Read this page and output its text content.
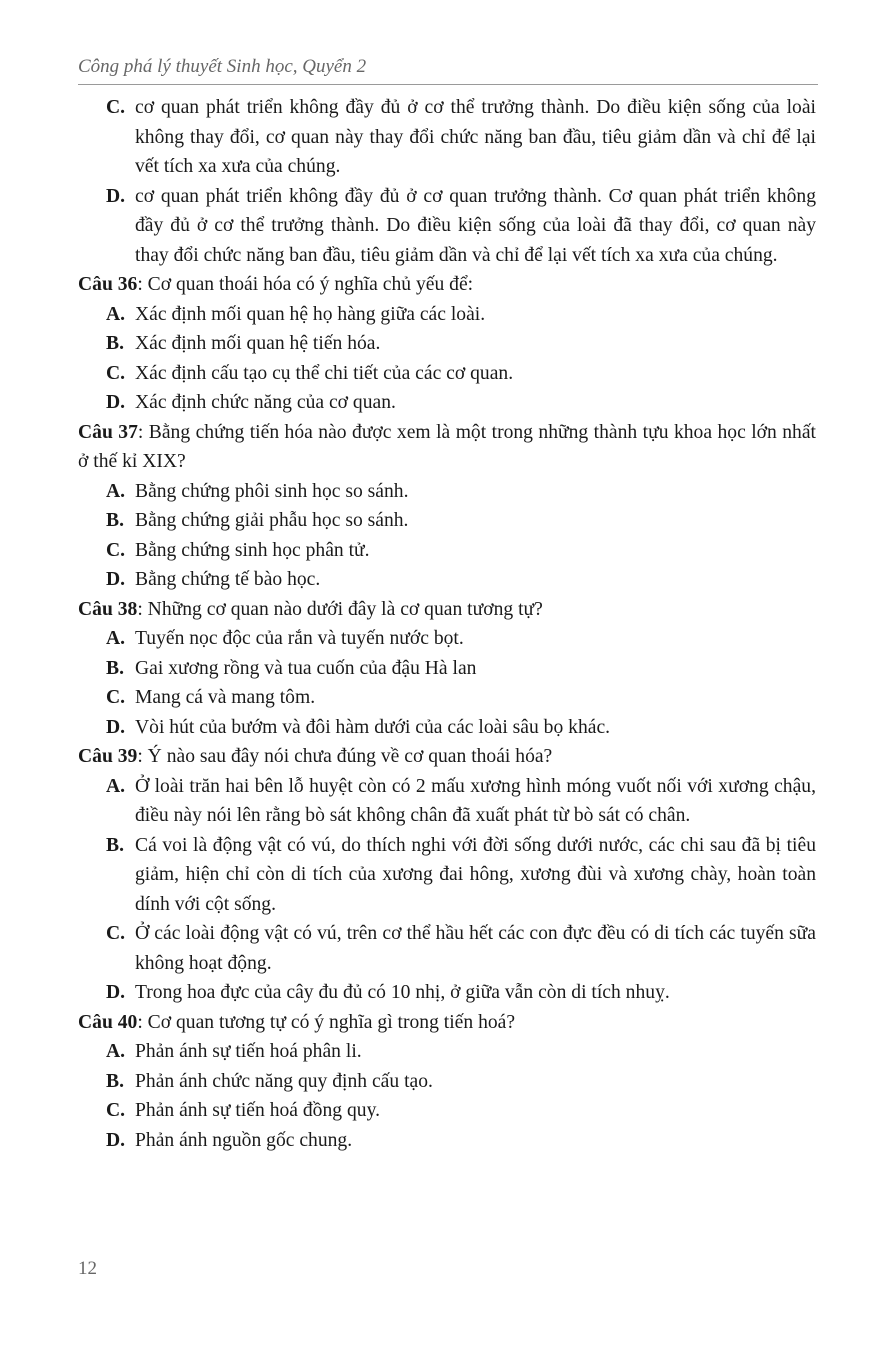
Công phá lý thuyết Sinh học, Quyển 2
C. cơ quan phát triển không đầy đủ ở cơ thể trưởng thành. Do điều kiện sống của loài không thay đổi, cơ quan này thay đổi chức năng ban đầu, tiêu giảm dần và chỉ để lại vết tích xa xưa của chúng.
D. cơ quan phát triển không đầy đủ ở cơ quan trưởng thành. Cơ quan phát triển không đầy đủ ở cơ thể trưởng thành. Do điều kiện sống của loài đã thay đổi, cơ quan này thay đổi chức năng ban đầu, tiêu giảm dần và chỉ để lại vết tích xa xưa của chúng.
Câu 36: Cơ quan thoái hóa có ý nghĩa chủ yếu để:
A. Xác định mối quan hệ họ hàng giữa các loài.
B. Xác định mối quan hệ tiến hóa.
C. Xác định cấu tạo cụ thể chi tiết của các cơ quan.
D. Xác định chức năng của cơ quan.
Câu 37: Bằng chứng tiến hóa nào được xem là một trong những thành tựu khoa học lớn nhất ở thế kỉ XIX?
A. Bằng chứng phôi sinh học so sánh.
B. Bằng chứng giải phẫu học so sánh.
C. Bằng chứng sinh học phân tử.
D. Bằng chứng tế bào học.
Câu 38: Những cơ quan nào dưới đây là cơ quan tương tự?
A. Tuyến nọc độc của rắn và tuyến nước bọt.
B. Gai xương rồng và tua cuốn của đậu Hà lan
C. Mang cá và mang tôm.
D. Vòi hút của bướm và đôi hàm dưới của các loài sâu bọ khác.
Câu 39: Ý nào sau đây nói chưa đúng về cơ quan thoái hóa?
A. Ở loài trăn hai bên lỗ huyệt còn có 2 mấu xương hình móng vuốt nối với xương chậu, điều này nói lên rằng bò sát không chân đã xuất phát từ bò sát có chân.
B. Cá voi là động vật có vú, do thích nghi với đời sống dưới nước, các chi sau đã bị tiêu giảm, hiện chỉ còn di tích của xương đai hông, xương đùi và xương chày, hoàn toàn dính với cột sống.
C. Ở các loài động vật có vú, trên cơ thể hầu hết các con đực đều có di tích các tuyến sữa không hoạt động.
D. Trong hoa đực của cây đu đủ có 10 nhị, ở giữa vẫn còn di tích nhuỵ.
Câu 40: Cơ quan tương tự có ý nghĩa gì trong tiến hoá?
A. Phản ánh sự tiến hoá phân li.
B. Phản ánh chức năng quy định cấu tạo.
C. Phản ánh sự tiến hoá đồng quy.
D. Phản ánh nguồn gốc chung.
12
